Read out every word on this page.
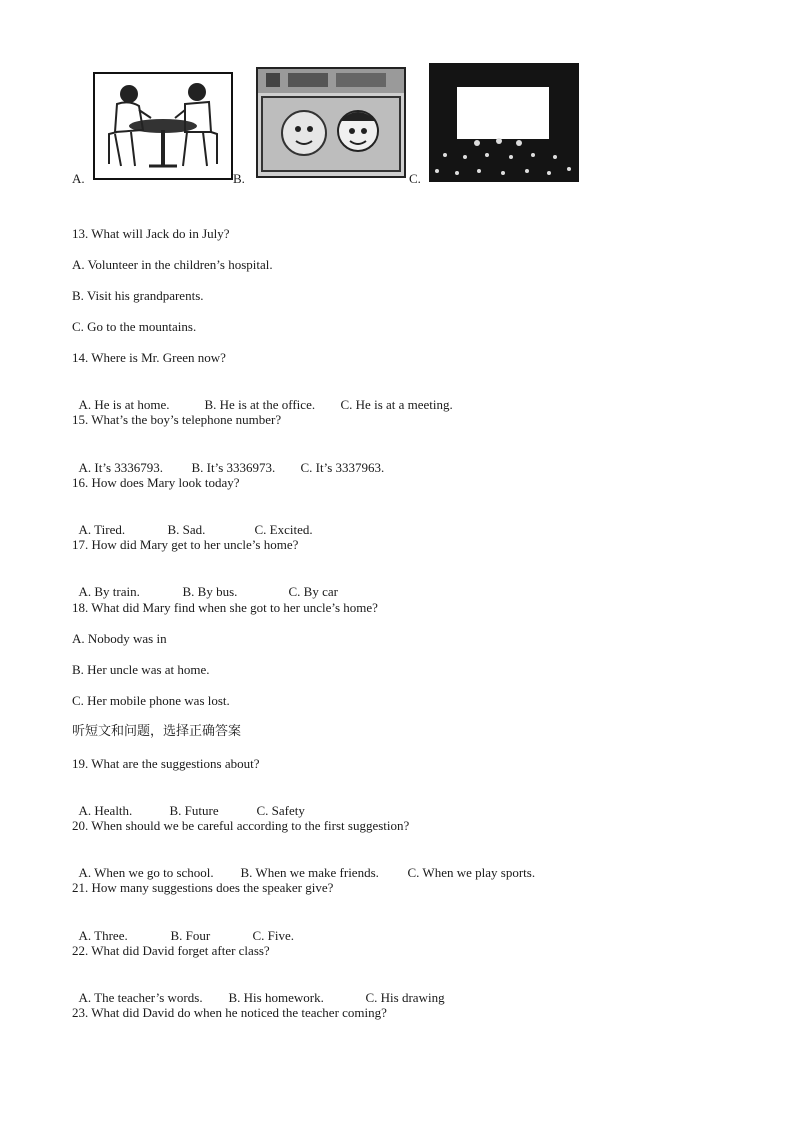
A.	B.	C.
13. What will Jack do in July?
A. Volunteer in the children’s hospital.
B. Visit his grandparents.
C. Go to the mountains.
14. Where is Mr. Green now?

A. He is at home.	B. He is at the office. C. He is at a meeting.

15. What’s the boy’s telephone number?

A. It’s 3336793. B. It’s 3336973. C. It’s 3337963.

16. How does Mary look today?

A. Tired.	B. Sad.	C. Excited.

17. How did Mary get to her uncle’s home?

A. By train.	B. By bus.	C. By car

18. What did Mary find when she got to her uncle’s home?
A. Nobody was in
B. Her uncle was at home.
C. Her mobile phone was lost.
听短文和问题，选择正确答案
19. What are the suggestions about?

A. Health.	B. Future	C. Safety

20. When should we be careful according to the first suggestion?

A. When we go to school. B. When we make friends. C. When we play sports.

21. How many suggestions does the speaker give?

A. Three.	B. Four	C. Five.

22. What did David forget after class?

A. The teacher’s words. B. His homework.	C. His drawing

23. What did David do when he noticed the teacher coming?
